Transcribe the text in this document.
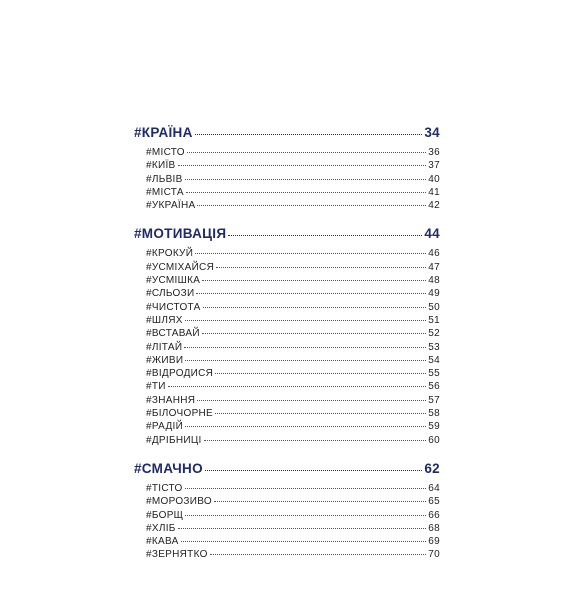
#КРАЇНА	34
#МІСТО	36
#КИЇВ	37
#ЛЬВІВ	40
#МІСТА	41
#УКРАЇНА	42
#МОТИВАЦІЯ	44
#КРОКУЙ	46
#УСМІХАЙСЯ	47
#УСМІШКА	48
#СЛЬОЗИ	49
#ЧИСТОТА	50
#ШЛЯХ	51
#ВСТАВАЙ	52
#ЛІТАЙ	53
#ЖИВИ	54
#ВІДРОДИСЯ	55
#ТИ	56
#ЗНАННЯ	57
#БІЛОЧОРНЕ	58
#РАДІЙ	59
#ДРІБНИЦІ	60
#СМАЧНО	62
#ТІСТО	64
#МОРОЗИВО	65
#БОРЩ	66
#ХЛІБ	68
#КАВА	69
#ЗЕРНЯТКО	70
